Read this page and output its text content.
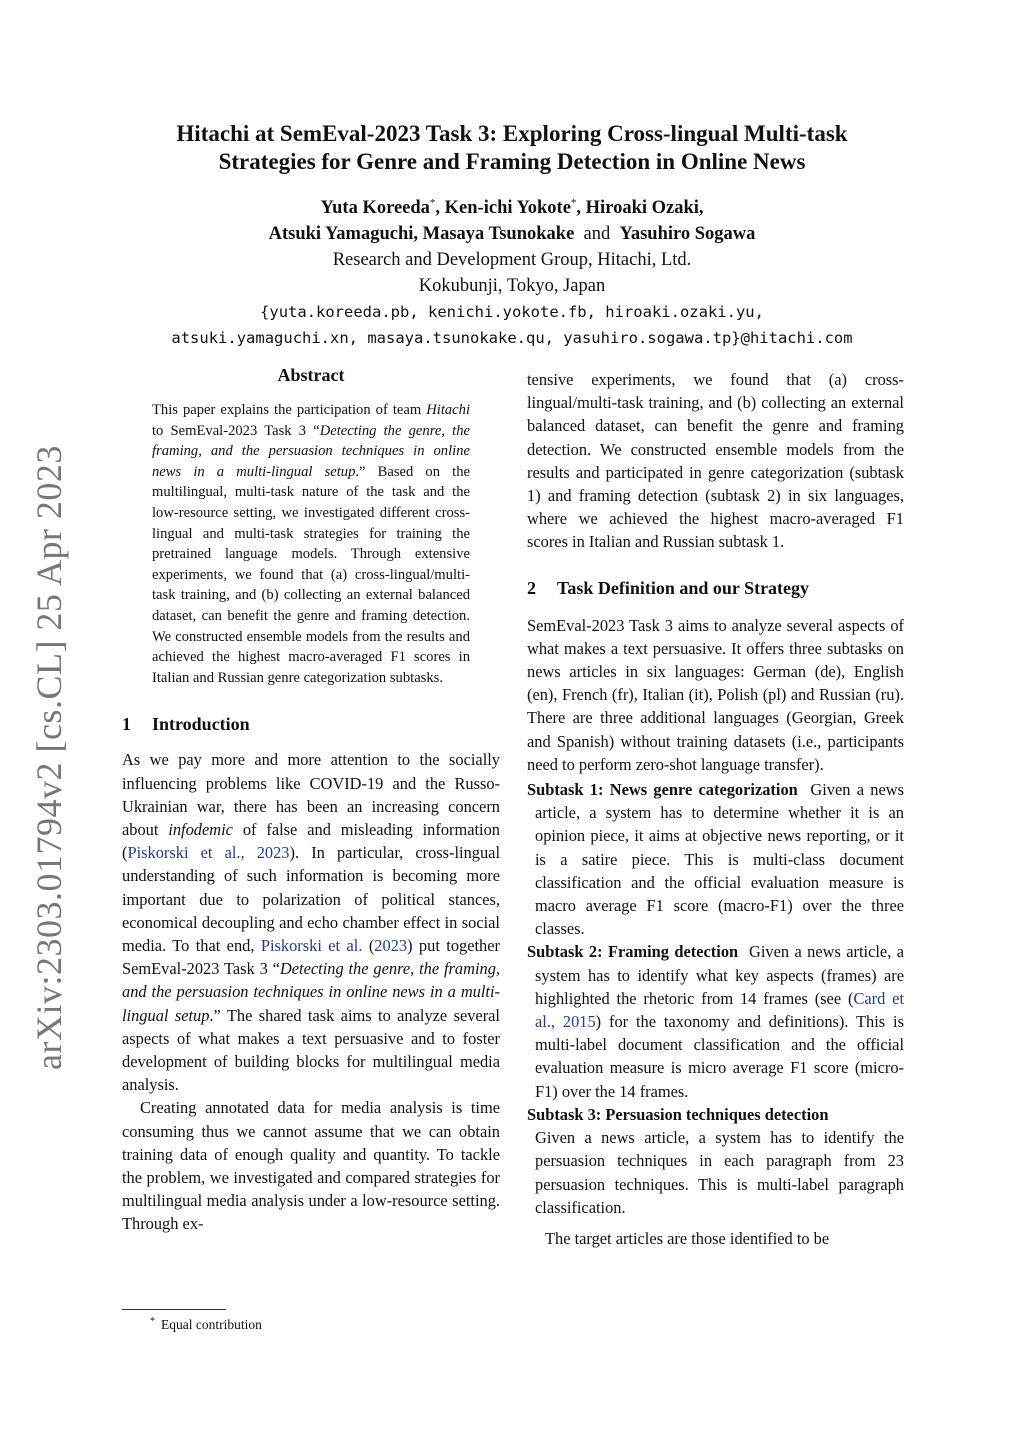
arXiv:2303.01794v2 [cs.CL] 25 Apr 2023
Hitachi at SemEval-2023 Task 3: Exploring Cross-lingual Multi-task
Strategies for Genre and Framing Detection in Online News
Yuta Koreeda*, Ken-ichi Yokote*, Hiroaki Ozaki,
Atsuki Yamaguchi, Masaya Tsunokake and Yasuhiro Sogawa
Research and Development Group, Hitachi, Ltd.
Kokubunji, Tokyo, Japan
{yuta.koreeda.pb, kenichi.yokote.fb, hiroaki.ozaki.yu,
atsuki.yamaguchi.xn, masaya.tsunokake.qu, yasuhiro.sogawa.tp}@hitachi.com
Abstract

This paper explains the participation of team Hitachi to SemEval-2023 Task 3 “Detecting the genre, the framing, and the persuasion techniques in online news in a multi-lingual setup.” Based on the multilingual, multi-task nature of the task and the low-resource setting, we investigated different cross-lingual and multi-task strategies for training the pretrained language models. Through extensive experiments, we found that (a) cross-lingual/multi-task training, and (b) collecting an external balanced dataset, can benefit the genre and framing detection. We constructed ensemble models from the results and achieved the highest macro-averaged F1 scores in Italian and Russian genre categorization subtasks.

1 Introduction

As we pay more and more attention to the socially influencing problems like COVID-19 and the Russo-Ukrainian war, there has been an increasing concern about infodemic of false and misleading information (Piskorski et al., 2023). In particular, cross-lingual understanding of such information is becoming more important due to polarization of political stances, economical decoupling and echo chamber effect in social media. To that end, Piskorski et al. (2023) put together SemEval-2023 Task 3 “Detecting the genre, the framing, and the persuasion techniques in online news in a multi-lingual setup.” The shared task aims to analyze several aspects of what makes a text persuasive and to foster development of building blocks for multilingual media analysis.

Creating annotated data for media analysis is time consuming thus we cannot assume that we can obtain training data of enough quality and quantity. To tackle the problem, we investigated and compared strategies for multilingual media analysis under a low-resource setting. Through ex-

* Equal contribution

tensive experiments, we found that (a) cross-lingual/multi-task training, and (b) collecting an external balanced dataset, can benefit the genre and framing detection. We constructed ensemble models from the results and participated in genre categorization (subtask 1) and framing detection (subtask 2) in six languages, where we achieved the highest macro-averaged F1 scores in Italian and Russian subtask 1.

2 Task Definition and our Strategy

SemEval-2023 Task 3 aims to analyze several aspects of what makes a text persuasive. It offers three subtasks on news articles in six languages: German (de), English (en), French (fr), Italian (it), Polish (pl) and Russian (ru). There are three additional languages (Georgian, Greek and Spanish) without training datasets (i.e., participants need to perform zero-shot language transfer).

Subtask 1: News genre categorization Given a news article, a system has to determine whether it is an opinion piece, it aims at objective news reporting, or it is a satire piece. This is multi-class document classification and the official evaluation measure is macro average F1 score (macro-F1) over the three classes.

Subtask 2: Framing detection Given a news article, a system has to identify what key aspects (frames) are highlighted the rhetoric from 14 frames (see (Card et al., 2015) for the taxonomy and definitions). This is multi-label document classification and the official evaluation measure is micro average F1 score (micro-F1) over the 14 frames.

Subtask 3: Persuasion techniques detection
Given a news article, a system has to identify the persuasion techniques in each paragraph from 23 persuasion techniques. This is multi-label paragraph classification.

The target articles are those identified to be
